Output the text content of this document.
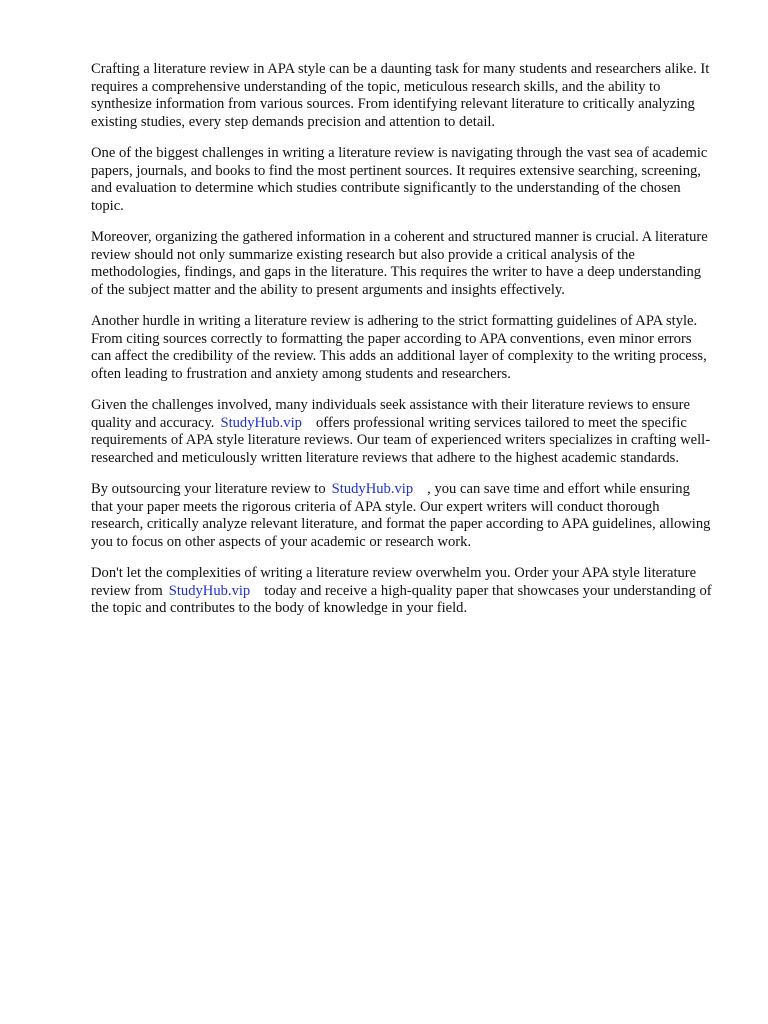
Crafting a literature review in APA style can be a daunting task for many students and researchers alike. It requires a comprehensive understanding of the topic, meticulous research skills, and the ability to synthesize information from various sources. From identifying relevant literature to critically analyzing existing studies, every step demands precision and attention to detail.

One of the biggest challenges in writing a literature review is navigating through the vast sea of academic papers, journals, and books to find the most pertinent sources. It requires extensive searching, screening, and evaluation to determine which studies contribute significantly to the understanding of the chosen topic.

Moreover, organizing the gathered information in a coherent and structured manner is crucial. A literature review should not only summarize existing research but also provide a critical analysis of the methodologies, findings, and gaps in the literature. This requires the writer to have a deep understanding of the subject matter and the ability to present arguments and insights effectively.

Another hurdle in writing a literature review is adhering to the strict formatting guidelines of APA style. From citing sources correctly to formatting the paper according to APA conventions, even minor errors can affect the credibility of the review. This adds an additional layer of complexity to the writing process, often leading to frustration and anxiety among students and researchers.

Given the challenges involved, many individuals seek assistance with their literature reviews to ensure quality and accuracy. StudyHub.vip offers professional writing services tailored to meet the specific requirements of APA style literature reviews. Our team of experienced writers specializes in crafting well-researched and meticulously written literature reviews that adhere to the highest academic standards.

By outsourcing your literature review to StudyHub.vip , you can save time and effort while ensuring that your paper meets the rigorous criteria of APA style. Our expert writers will conduct thorough research, critically analyze relevant literature, and format the paper according to APA guidelines, allowing you to focus on other aspects of your academic or research work.

Don't let the complexities of writing a literature review overwhelm you. Order your APA style literature review from StudyHub.vip today and receive a high-quality paper that showcases your understanding of the topic and contributes to the body of knowledge in your field.
